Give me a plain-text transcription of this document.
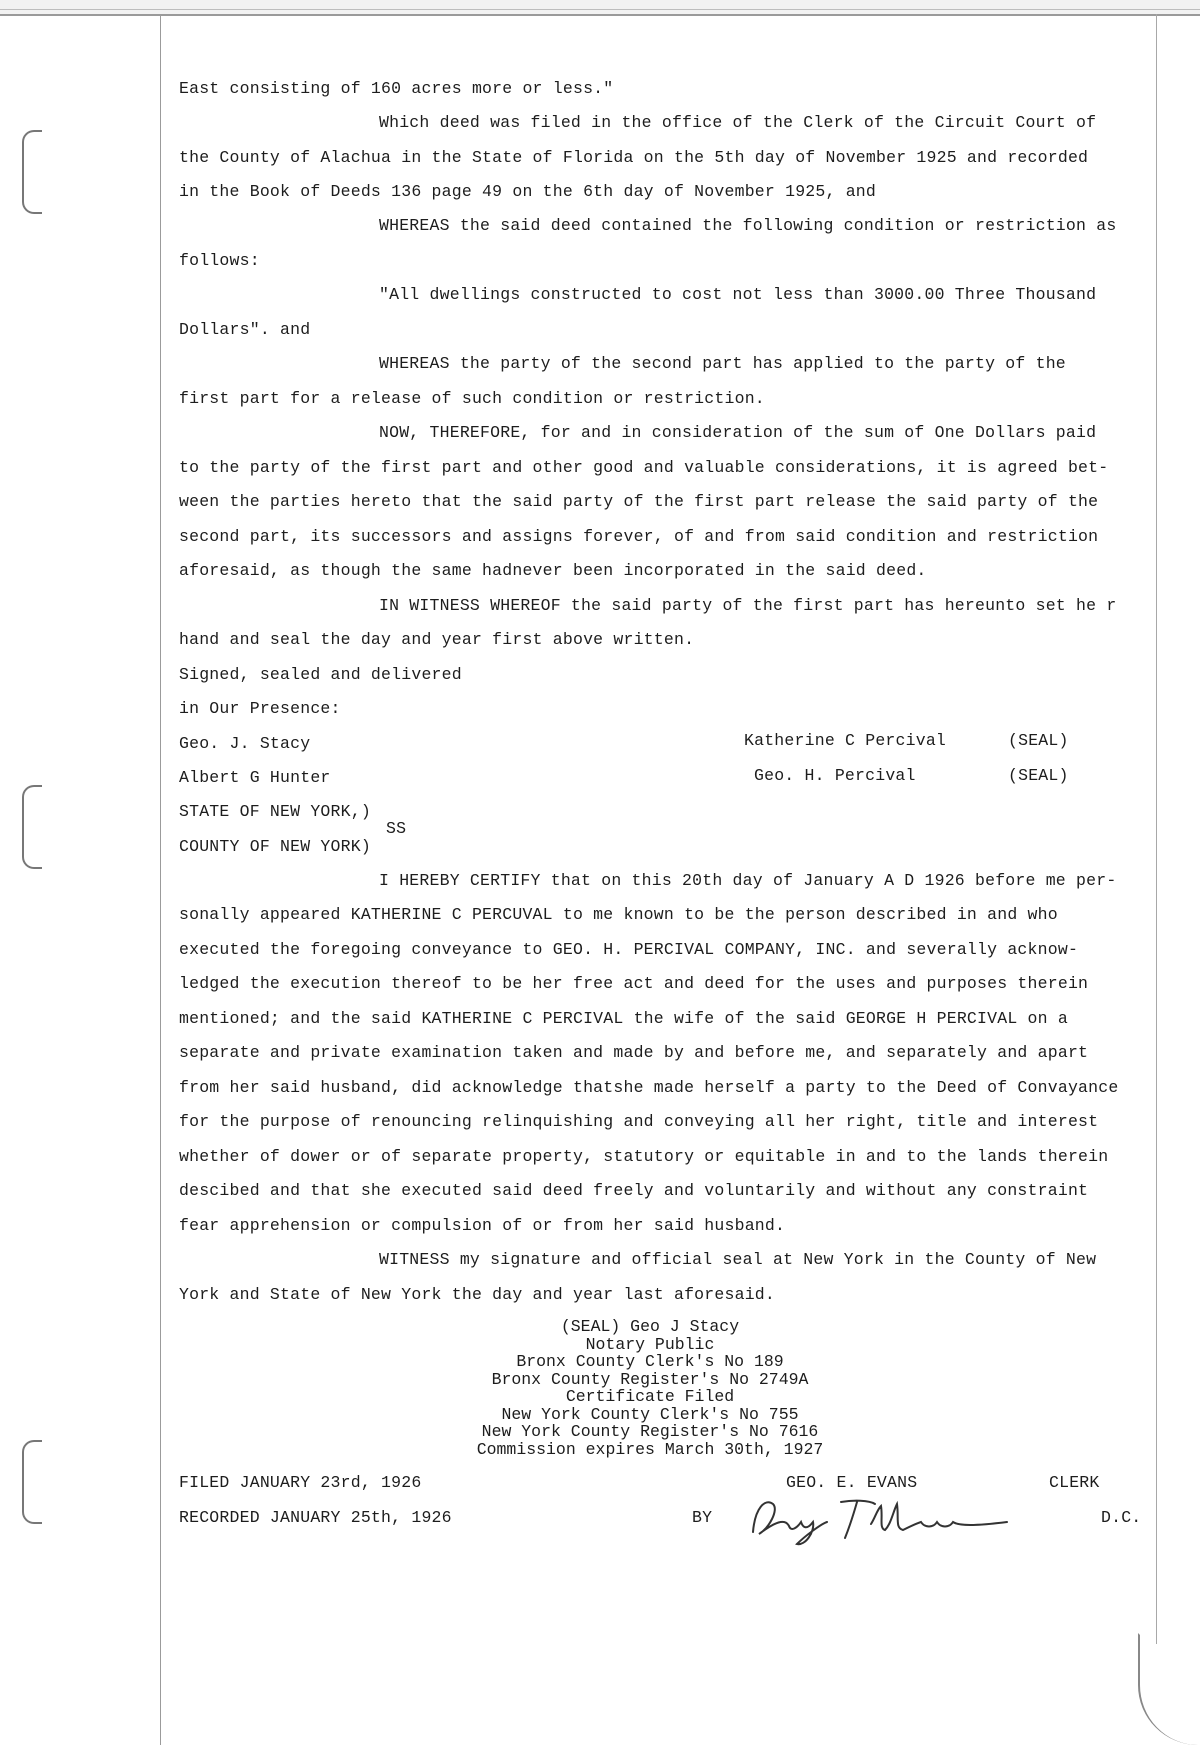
East consisting of 160 acres more or less."
Which deed was filed in the office of the Clerk of the Circuit Court of
the County of Alachua in the State of Florida on the 5th day of November 1925 and recorded
in the Book of Deeds 136 page 49 on the 6th day of November 1925, and
WHEREAS the said deed contained the following condition or restriction as
follows:
"All dwellings constructed to cost not less than 3000.00 Three Thousand
Dollars". and
WHEREAS the party of the second part has applied to the party of the
first part for a release of such condition or restriction.
NOW, THEREFORE, for and in consideration of the sum of One Dollars paid
to the party of the first part and other good and valuable considerations, it is agreed bet-
ween the parties hereto that the said party of the first part release the said party of the
second part, its successors and assigns forever, of and from said condition and restriction
aforesaid, as though the same hadnever been incorporated in the said deed.
IN WITNESS WHEREOF the said party of the first part has hereunto set he r
hand and seal the day and year first above written.
Signed, sealed and delivered
in Our Presence:
Geo. J. Stacy	Katherine C Percival	(SEAL)
Albert G Hunter	Geo. H. Percival	(SEAL)
STATE OF NEW YORK,)
COUNTY OF NEW YORK)
SS
I HEREBY CERTIFY that on this 20th day of January A D 1926 before me per-
sonally appeared KATHERINE C PERCUVAL to me known to be the person described in and who
executed the foregoing conveyance to GEO. H. PERCIVAL COMPANY, INC. and severally acknow-
ledged the execution thereof to be her free act and deed for the uses and purposes therein
mentioned; and the said KATHERINE C PERCIVAL the wife of the said GEORGE H PERCIVAL on a
separate and private examination taken and made by and before me, and separately and apart
from her said husband, did acknowledge thatshe made herself a party to the Deed of Convayance
for the purpose of renouncing relinquishing and conveying all her right, title and interest
whether of dower or of separate property, statutory or equitable in and to the lands therein
descibed and that she executed said deed freely and voluntarily and without any constraint
fear apprehension or compulsion of or from her said husband.
WITNESS my signature and official seal at New York in the County of New
York and State of New York the day and year last aforesaid.
(SEAL) Geo J Stacy
Notary Public
Bronx County Clerk's No 189
Bronx County Register's No 2749A
Certificate Filed
New York County Clerk's No 755
New York County Register's No 7616
Commission expires March 30th, 1927
FILED JANUARY 23rd, 1926	GEO. E. EVANS	CLERK
RECORDED JANUARY 25th, 1926	BY	D.C.
